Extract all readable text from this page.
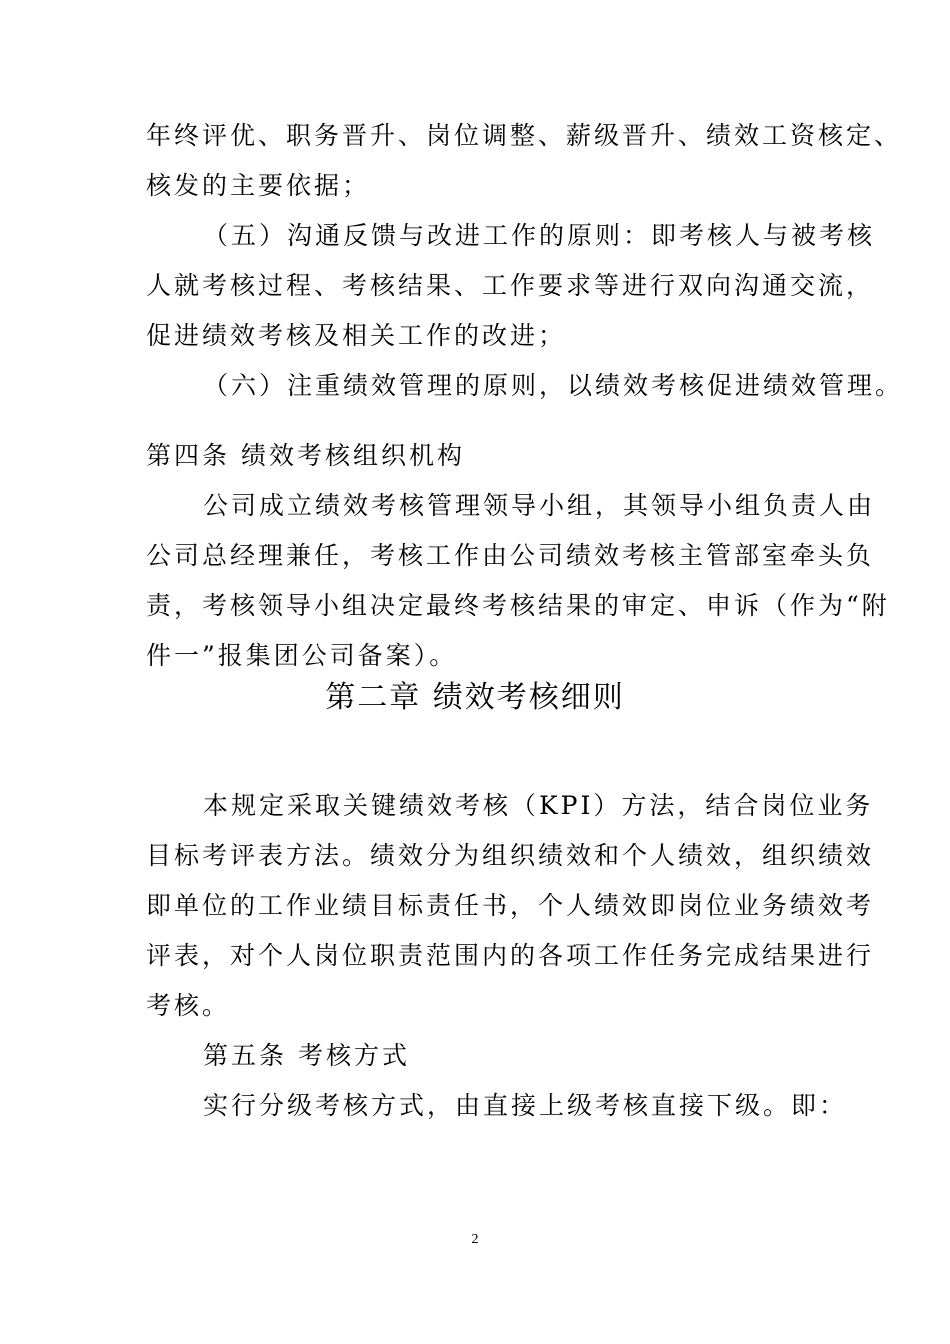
年终评优、职务晋升、岗位调整、薪级晋升、绩效工资核定、
核发的主要依据；
（五）沟通反馈与改进工作的原则：即考核人与被考核
人就考核过程、考核结果、工作要求等进行双向沟通交流，
促进绩效考核及相关工作的改进；
（六）注重绩效管理的原则，以绩效考核促进绩效管理。
第四条 绩效考核组织机构
公司成立绩效考核管理领导小组，其领导小组负责人由
公司总经理兼任，考核工作由公司绩效考核主管部室牵头负
责，考核领导小组决定最终考核结果的审定、申诉（作为“附
件一”报集团公司备案）。
第二章 绩效考核细则
本规定采取关键绩效考核（KPI）方法，结合岗位业务
目标考评表方法。绩效分为组织绩效和个人绩效，组织绩效
即单位的工作业绩目标责任书，个人绩效即岗位业务绩效考
评表，对个人岗位职责范围内的各项工作任务完成结果进行
考核。
第五条 考核方式
实行分级考核方式，由直接上级考核直接下级。即：
2
